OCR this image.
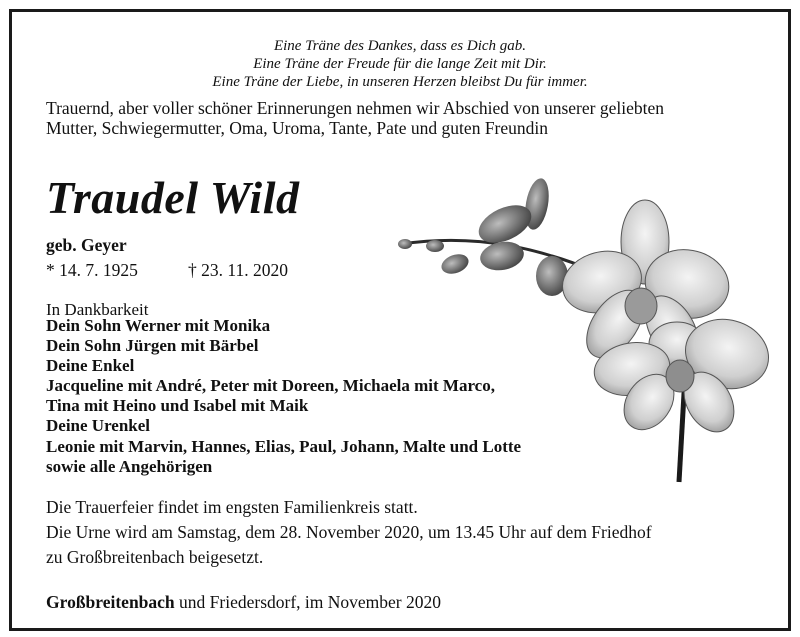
Eine Träne des Dankes, dass es Dich gab.
Eine Träne der Freude für die lange Zeit mit Dir.
Eine Träne der Liebe, in unseren Herzen bleibst Du für immer.
Trauernd, aber voller schöner Erinnerungen nehmen wir Abschied von unserer geliebten
Mutter, Schwiegermutter, Oma, Uroma, Tante, Pate und guten Freundin
Traudel Wild
geb. Geyer
* 14. 7. 1925	† 23. 11. 2020
In Dankbarkeit
Dein Sohn Werner mit Monika
Dein Sohn Jürgen mit Bärbel
Deine Enkel
Jacqueline mit André, Peter mit Doreen, Michaela mit Marco,
Tina mit Heino und Isabel mit Maik
Deine Urenkel
Leonie mit Marvin, Hannes, Elias, Paul, Johann, Malte und Lotte
sowie alle Angehörigen
Die Trauerfeier findet im engsten Familienkreis statt.
Die Urne wird am Samstag, dem 28. November 2020, um 13.45 Uhr auf dem Friedhof
zu Großbreitenbach beigesetzt.
Großbreitenbach und Friedersdorf, im November 2020
